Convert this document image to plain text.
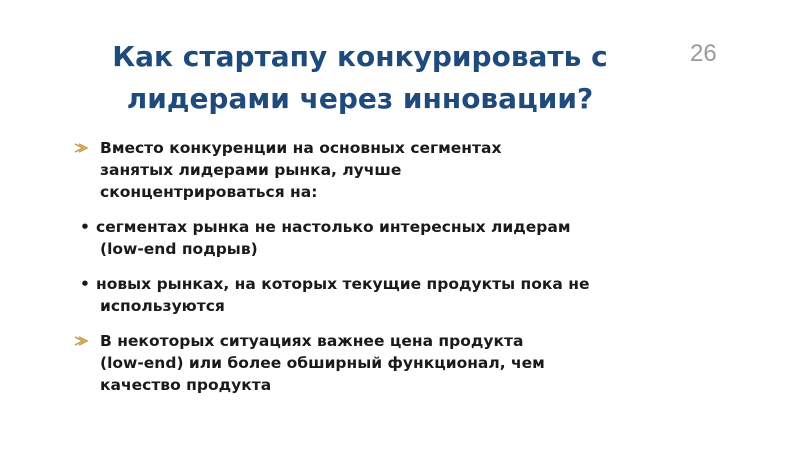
26
Как стартапу конкурировать с
лидерами через инновации?
Вместо конкуренции на основных сегментах
занятых лидерами рынка, лучше
сконцентрироваться на:
• сегментах рынка не настолько интересных лидерам
(low-end подрыв)
• новых рынках, на которых текущие продукты пока не
используются
В некоторых ситуациях важнее цена продукта
(low-end) или более обширный функционал, чем
качество продукта
